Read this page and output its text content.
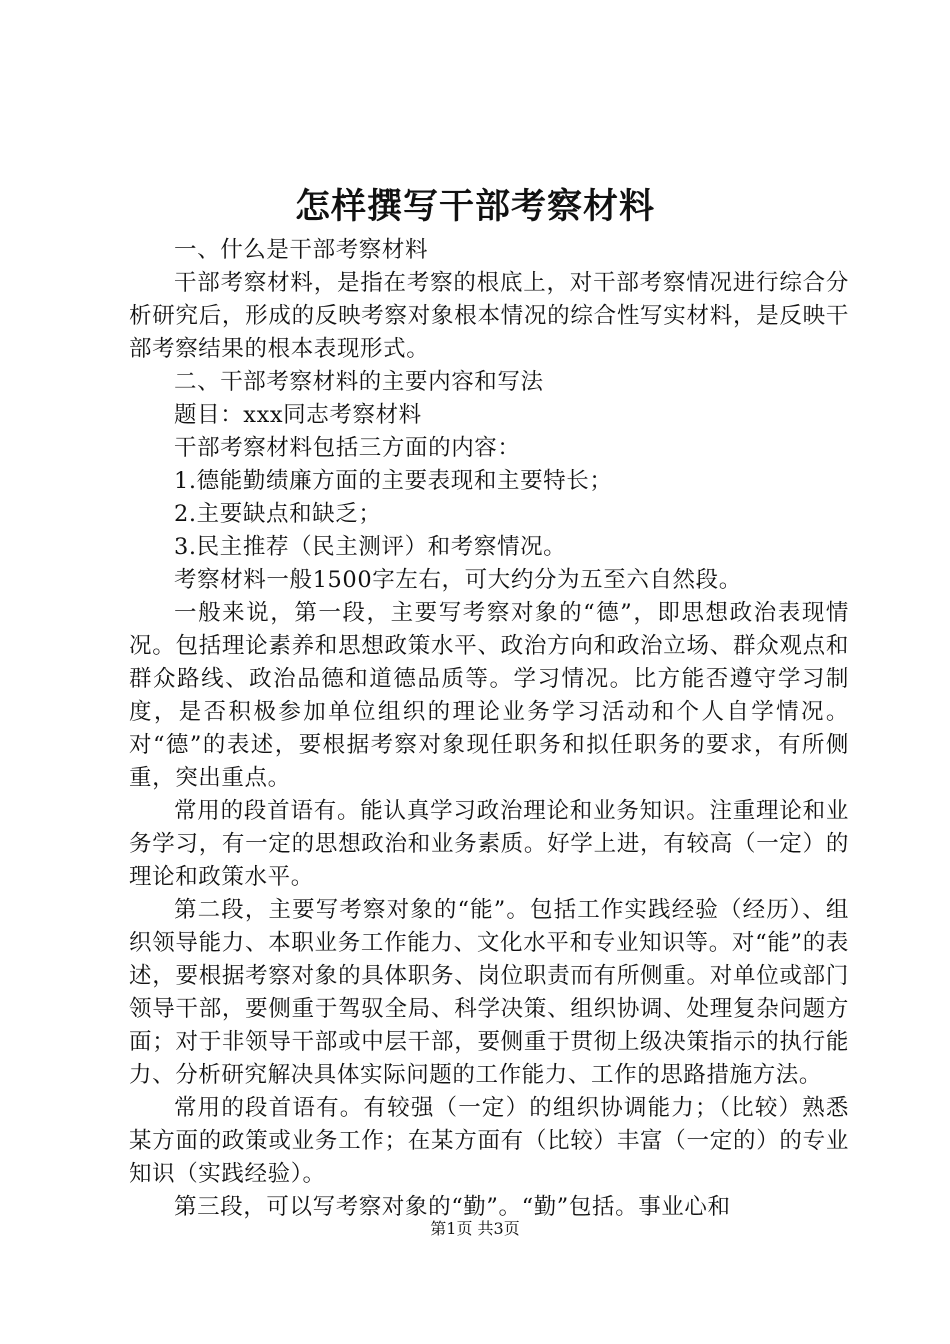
怎样撰写干部考察材料

一、什么是干部考察材料

干部考察材料，是指在考察的根底上，对干部考察情况进行综合分析研究后，形成的反映考察对象根本情况的综合性写实材料，是反映干部考察结果的根本表现形式。

二、干部考察材料的主要内容和写法

题目：xxx同志考察材料

干部考察材料包括三方面的内容：

1.德能勤绩廉方面的主要表现和主要特长；

2.主要缺点和缺乏；

3.民主推荐（民主测评）和考察情况。

考察材料一般1500字左右，可大约分为五至六自然段。

一般来说，第一段，主要写考察对象的“德”，即思想政治表现情况。包括理论素养和思想政策水平、政治方向和政治立场、群众观点和群众路线、政治品德和道德品质等。学习情况。比方能否遵守学习制度，是否积极参加单位组织的理论业务学习活动和个人自学情况。对“德”的表述，要根据考察对象现任职务和拟任职务的要求，有所侧重，突出重点。

常用的段首语有。能认真学习政治理论和业务知识。注重理论和业务学习，有一定的思想政治和业务素质。好学上进，有较高（一定）的理论和政策水平。

第二段，主要写考察对象的“能”。包括工作实践经验（经历）、组织领导能力、本职业务工作能力、文化水平和专业知识等。对“能”的表述，要根据考察对象的具体职务、岗位职责而有所侧重。对单位或部门领导干部，要侧重于驾驭全局、科学决策、组织协调、处理复杂问题方面；对于非领导干部或中层干部，要侧重于贯彻上级决策指示的执行能力、分析研究解决具体实际问题的工作能力、工作的思路措施方法。

常用的段首语有。有较强（一定）的组织协调能力；（比较）熟悉某方面的政策或业务工作；在某方面有（比较）丰富（一定的）的专业知识（实践经验）。

第三段，可以写考察对象的“勤”。“勤”包括。事业心和

第1页 共3页
